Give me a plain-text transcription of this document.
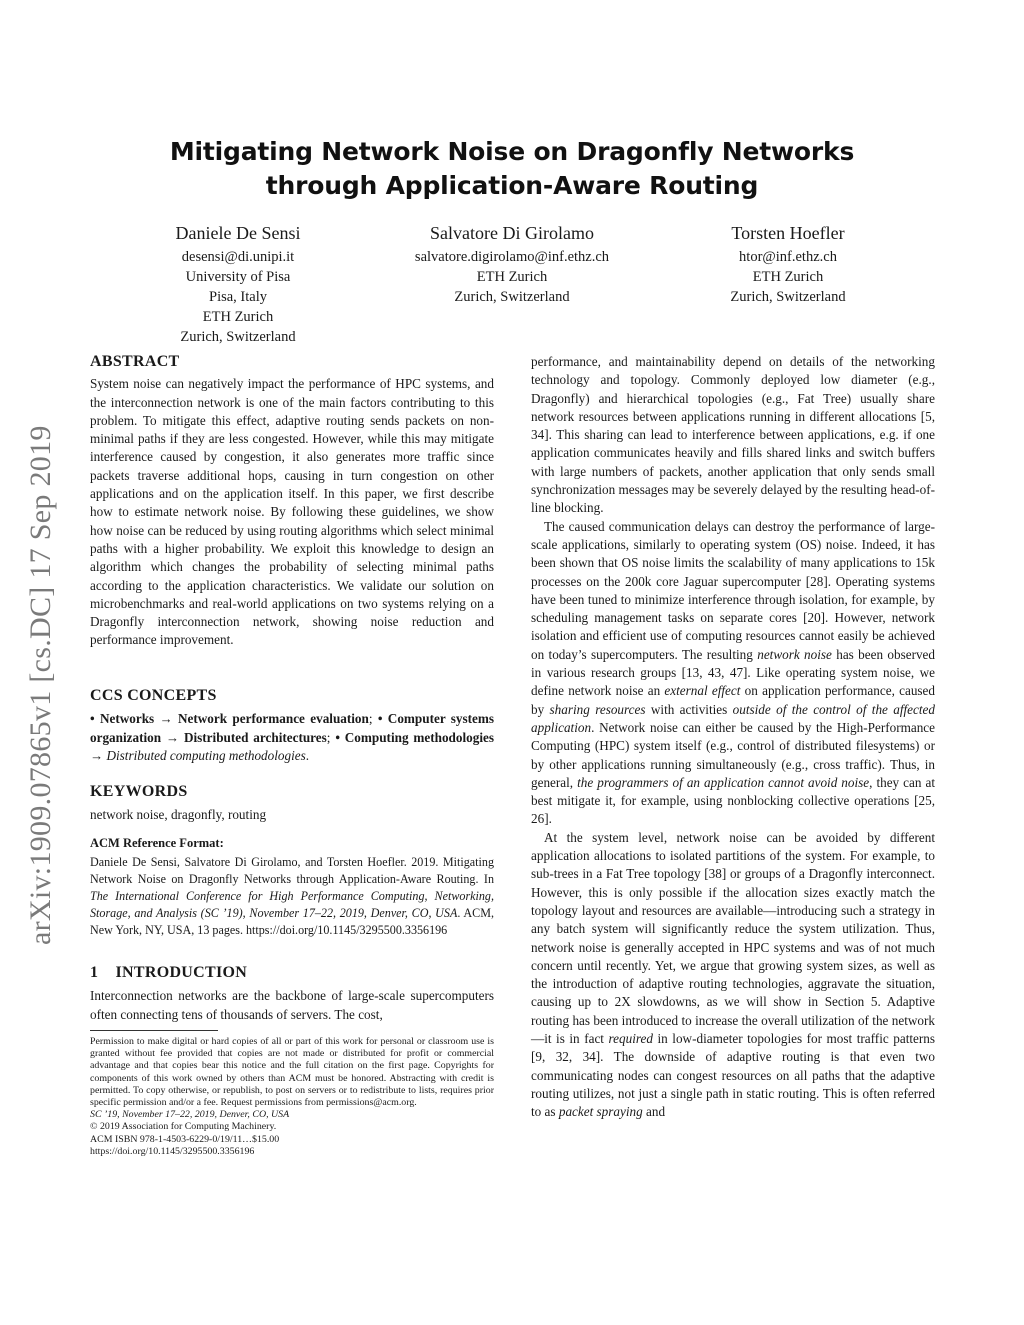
arXiv:1909.07865v1 [cs.DC] 17 Sep 2019
Mitigating Network Noise on Dragonfly Networks
through Application-Aware Routing
Daniele De Sensi
desensi@di.unipi.it
University of Pisa
Pisa, Italy
ETH Zurich
Zurich, Switzerland
Salvatore Di Girolamo
salvatore.digirolamo@inf.ethz.ch
ETH Zurich
Zurich, Switzerland
Torsten Hoefler
htor@inf.ethz.ch
ETH Zurich
Zurich, Switzerland
ABSTRACT

System noise can negatively impact the performance of HPC systems, and the interconnection network is one of the main factors contributing to this problem. To mitigate this effect, adaptive routing sends packets on non-minimal paths if they are less congested. However, while this may mitigate interference caused by congestion, it also generates more traffic since packets traverse additional hops, causing in turn congestion on other applications and on the application itself. In this paper, we first describe how to estimate network noise. By following these guidelines, we show how noise can be reduced by using routing algorithms which select minimal paths with a higher probability. We exploit this knowledge to design an algorithm which changes the probability of selecting minimal paths according to the application characteristics. We validate our solution on microbenchmarks and real-world applications on two systems relying on a Dragonfly interconnection network, showing noise reduction and performance improvement.

CCS CONCEPTS

• Networks → Network performance evaluation; • Computer systems organization → Distributed architectures; • Computing methodologies → Distributed computing methodologies.

KEYWORDS

network noise, dragonfly, routing

ACM Reference Format:

Daniele De Sensi, Salvatore Di Girolamo, and Torsten Hoefler. 2019. Mitigating Network Noise on Dragonfly Networks through Application-Aware Routing. In The International Conference for High Performance Computing, Networking, Storage, and Analysis (SC ’19), November 17–22, 2019, Denver, CO, USA. ACM, New York, NY, USA, 13 pages. https://doi.org/10.1145/3295500.3356196

1    INTRODUCTION

Interconnection networks are the backbone of large-scale supercomputers often connecting tens of thousands of servers. The cost,

Permission to make digital or hard copies of all or part of this work for personal or classroom use is granted without fee provided that copies are not made or distributed for profit or commercial advantage and that copies bear this notice and the full citation on the first page. Copyrights for components of this work owned by others than ACM must be honored. Abstracting with credit is permitted. To copy otherwise, or republish, to post on servers or to redistribute to lists, requires prior specific permission and/or a fee. Request permissions from permissions@acm.org.

SC ’19, November 17–22, 2019, Denver, CO, USA

© 2019 Association for Computing Machinery.

ACM ISBN 978-1-4503-6229-0/19/11…$15.00

https://doi.org/10.1145/3295500.3356196

performance, and maintainability depend on details of the networking technology and topology. Commonly deployed low diameter (e.g., Dragonfly) and hierarchical topologies (e.g., Fat Tree) usually share network resources between applications running in different allocations [5, 34]. This sharing can lead to interference between applications, e.g. if one application communicates heavily and fills shared links and switch buffers with large numbers of packets, another application that only sends small synchronization messages may be severely delayed by the resulting head-of-line blocking.

The caused communication delays can destroy the performance of large-scale applications, similarly to operating system (OS) noise. Indeed, it has been shown that OS noise limits the scalability of many applications to 15k processes on the 200k core Jaguar supercomputer [28]. Operating systems have been tuned to minimize interference through isolation, for example, by scheduling management tasks on separate cores [20]. However, network isolation and efficient use of computing resources cannot easily be achieved on today’s supercomputers. The resulting network noise has been observed in various research groups [13, 43, 47]. Like operating system noise, we define network noise an external effect on application performance, caused by sharing resources with activities outside of the control of the affected application. Network noise can either be caused by the High-Performance Computing (HPC) system itself (e.g., control of distributed filesystems) or by other applications running simultaneously (e.g., cross traffic). Thus, in general, the programmers of an application cannot avoid noise, they can at best mitigate it, for example, using nonblocking collective operations [25, 26].

At the system level, network noise can be avoided by different application allocations to isolated partitions of the system. For example, to sub-trees in a Fat Tree topology [38] or groups of a Dragonfly interconnect. However, this is only possible if the allocation sizes exactly match the topology layout and resources are available—introducing such a strategy in any batch system will significantly reduce the system utilization. Thus, network noise is generally accepted in HPC systems and was of not much concern until recently. Yet, we argue that growing system sizes, as well as the introduction of adaptive routing technologies, aggravate the situation, causing up to 2X slowdowns, as we will show in Section 5. Adaptive routing has been introduced to increase the overall utilization of the network—it is in fact required in low-diameter topologies for most traffic patterns [9, 32, 34]. The downside of adaptive routing is that even two communicating nodes can congest resources on all paths that the adaptive routing utilizes, not just a single path in static routing. This is often referred to as packet spraying and
